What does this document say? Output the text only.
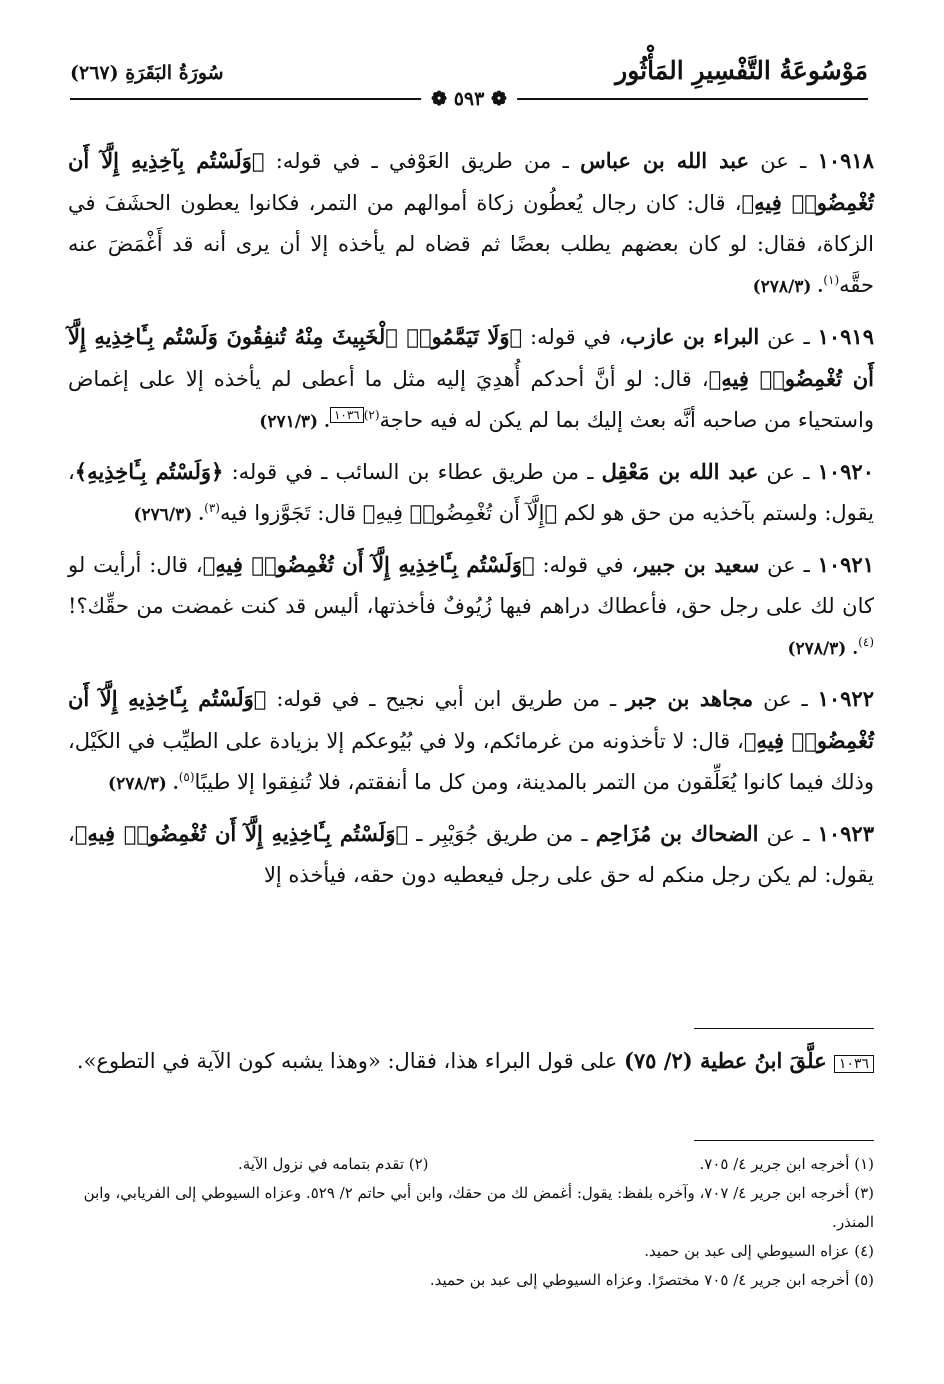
مَوْسُوعَةُ التَّفْسِيرِ المَأْثُور
سُورَةُ البَقَرَةِ (٢٦٧)
❁ ٥٩٣ ❁

١٠٩١٨ ـ عن عبد الله بن عباس ـ من طريق العَوْفي ـ في قوله: ﴿وَلَسْتُم بِآخِذِيهِ إِلَّآ أَن تُغْمِضُوا۟ فِيهِ﴾، قال: كان رجال يُعطُون زكاة أموالهم من التمر، فكانوا يعطون الحشَفَ في الزكاة، فقال: لو كان بعضهم يطلب بعضًا ثم قضاه لم يأخذه إلا أن يرى أنه قد أَغْمَضَ عنه حقَّه$^{(١)}$. (٢٧٨/٣)

١٠٩١٩ ـ عن البراء بن عازب، في قوله: ﴿وَلَا تَيَمَّمُوا۟ ٱلْخَبِيثَ مِنْهُ تُنفِقُونَ وَلَسْتُم بِـَٔاخِذِيهِ إِلَّآ أَن تُغْمِضُوا۟ فِيهِ﴾، قال: لو أنَّ أحدكم أُهدِيَ إليه مثل ما أعطى لم يأخذه إلا على إغماض واستحياء من صاحبه أنَّه بعث إليك بما لم يكن له فيه حاجة$^{(٢)}$١٠٣٦. (٢٧١/٣)

١٠٩٢٠ ـ عن عبد الله بن مَعْقِل ـ من طريق عطاء بن السائب ـ في قوله: ﴿وَلَسْتُم بِـَٔاخِذِيهِ﴾، يقول: ولستم بآخذيه من حق هو لكم ﴿إِلَّآ أَن تُغْمِضُوا۟ فِيهِ﴾ قال: تَجَوَّزوا فيه$^{(٣)}$. (٢٧٦/٣)

١٠٩٢١ ـ عن سعيد بن جبير، في قوله: ﴿وَلَسْتُم بِـَٔاخِذِيهِ إِلَّآ أَن تُغْمِضُوا۟ فِيهِ﴾، قال: أرأيت لو كان لك على رجل حق، فأعطاك دراهم فيها زُيُوفٌ فأخذتها، أليس قد كنت غمضت من حقِّك؟!$^{(٤)}$. (٢٧٨/٣)

١٠٩٢٢ ـ عن مجاهد بن جبر ـ من طريق ابن أبي نجيح ـ في قوله: ﴿وَلَسْتُم بِـَٔاخِذِيهِ إِلَّآ أَن تُغْمِضُوا۟ فِيهِ﴾، قال: لا تأخذونه من غرمائكم، ولا في بُيُوعكم إلا بزيادة على الطيِّب في الكَيْل، وذلك فيما كانوا يُعَلِّقون من التمر بالمدينة، ومن كل ما أنفقتم، فلا تُنفِقوا إلا طيبًا$^{(٥)}$. (٢٧٨/٣)

١٠٩٢٣ ـ عن الضحاك بن مُزَاحِم ـ من طريق جُوَيْبِر ـ ﴿وَلَسْتُم بِـَٔاخِذِيهِ إِلَّآ أَن تُغْمِضُوا۟ فِيهِ﴾، يقول: لم يكن رجل منكم له حق على رجل فيعطيه دون حقه، فيأخذه إلا

١٠٣٦ علَّقَ ابنُ عطية (٢/ ٧٥) على قول البراء هذا، فقال: «وهذا يشبه كون الآية في التطوع».
(١) أخرجه ابن جرير ٤/ ٧٠٥.
(٢) تقدم بتمامه في نزول الآية.

(٣) أخرجه ابن جرير ٤/ ٧٠٧، وآخره بلفظ: يقول: أغمض لك من حقك، وابن أبي حاتم ٢/ ٥٢٩. وعزاه السيوطي إلى الفريابي، وابن المنذر.

(٤) عزاه السيوطي إلى عبد بن حميد.

(٥) أخرجه ابن جرير ٤/ ٧٠٥ مختصرًا. وعزاه السيوطي إلى عبد بن حميد.
